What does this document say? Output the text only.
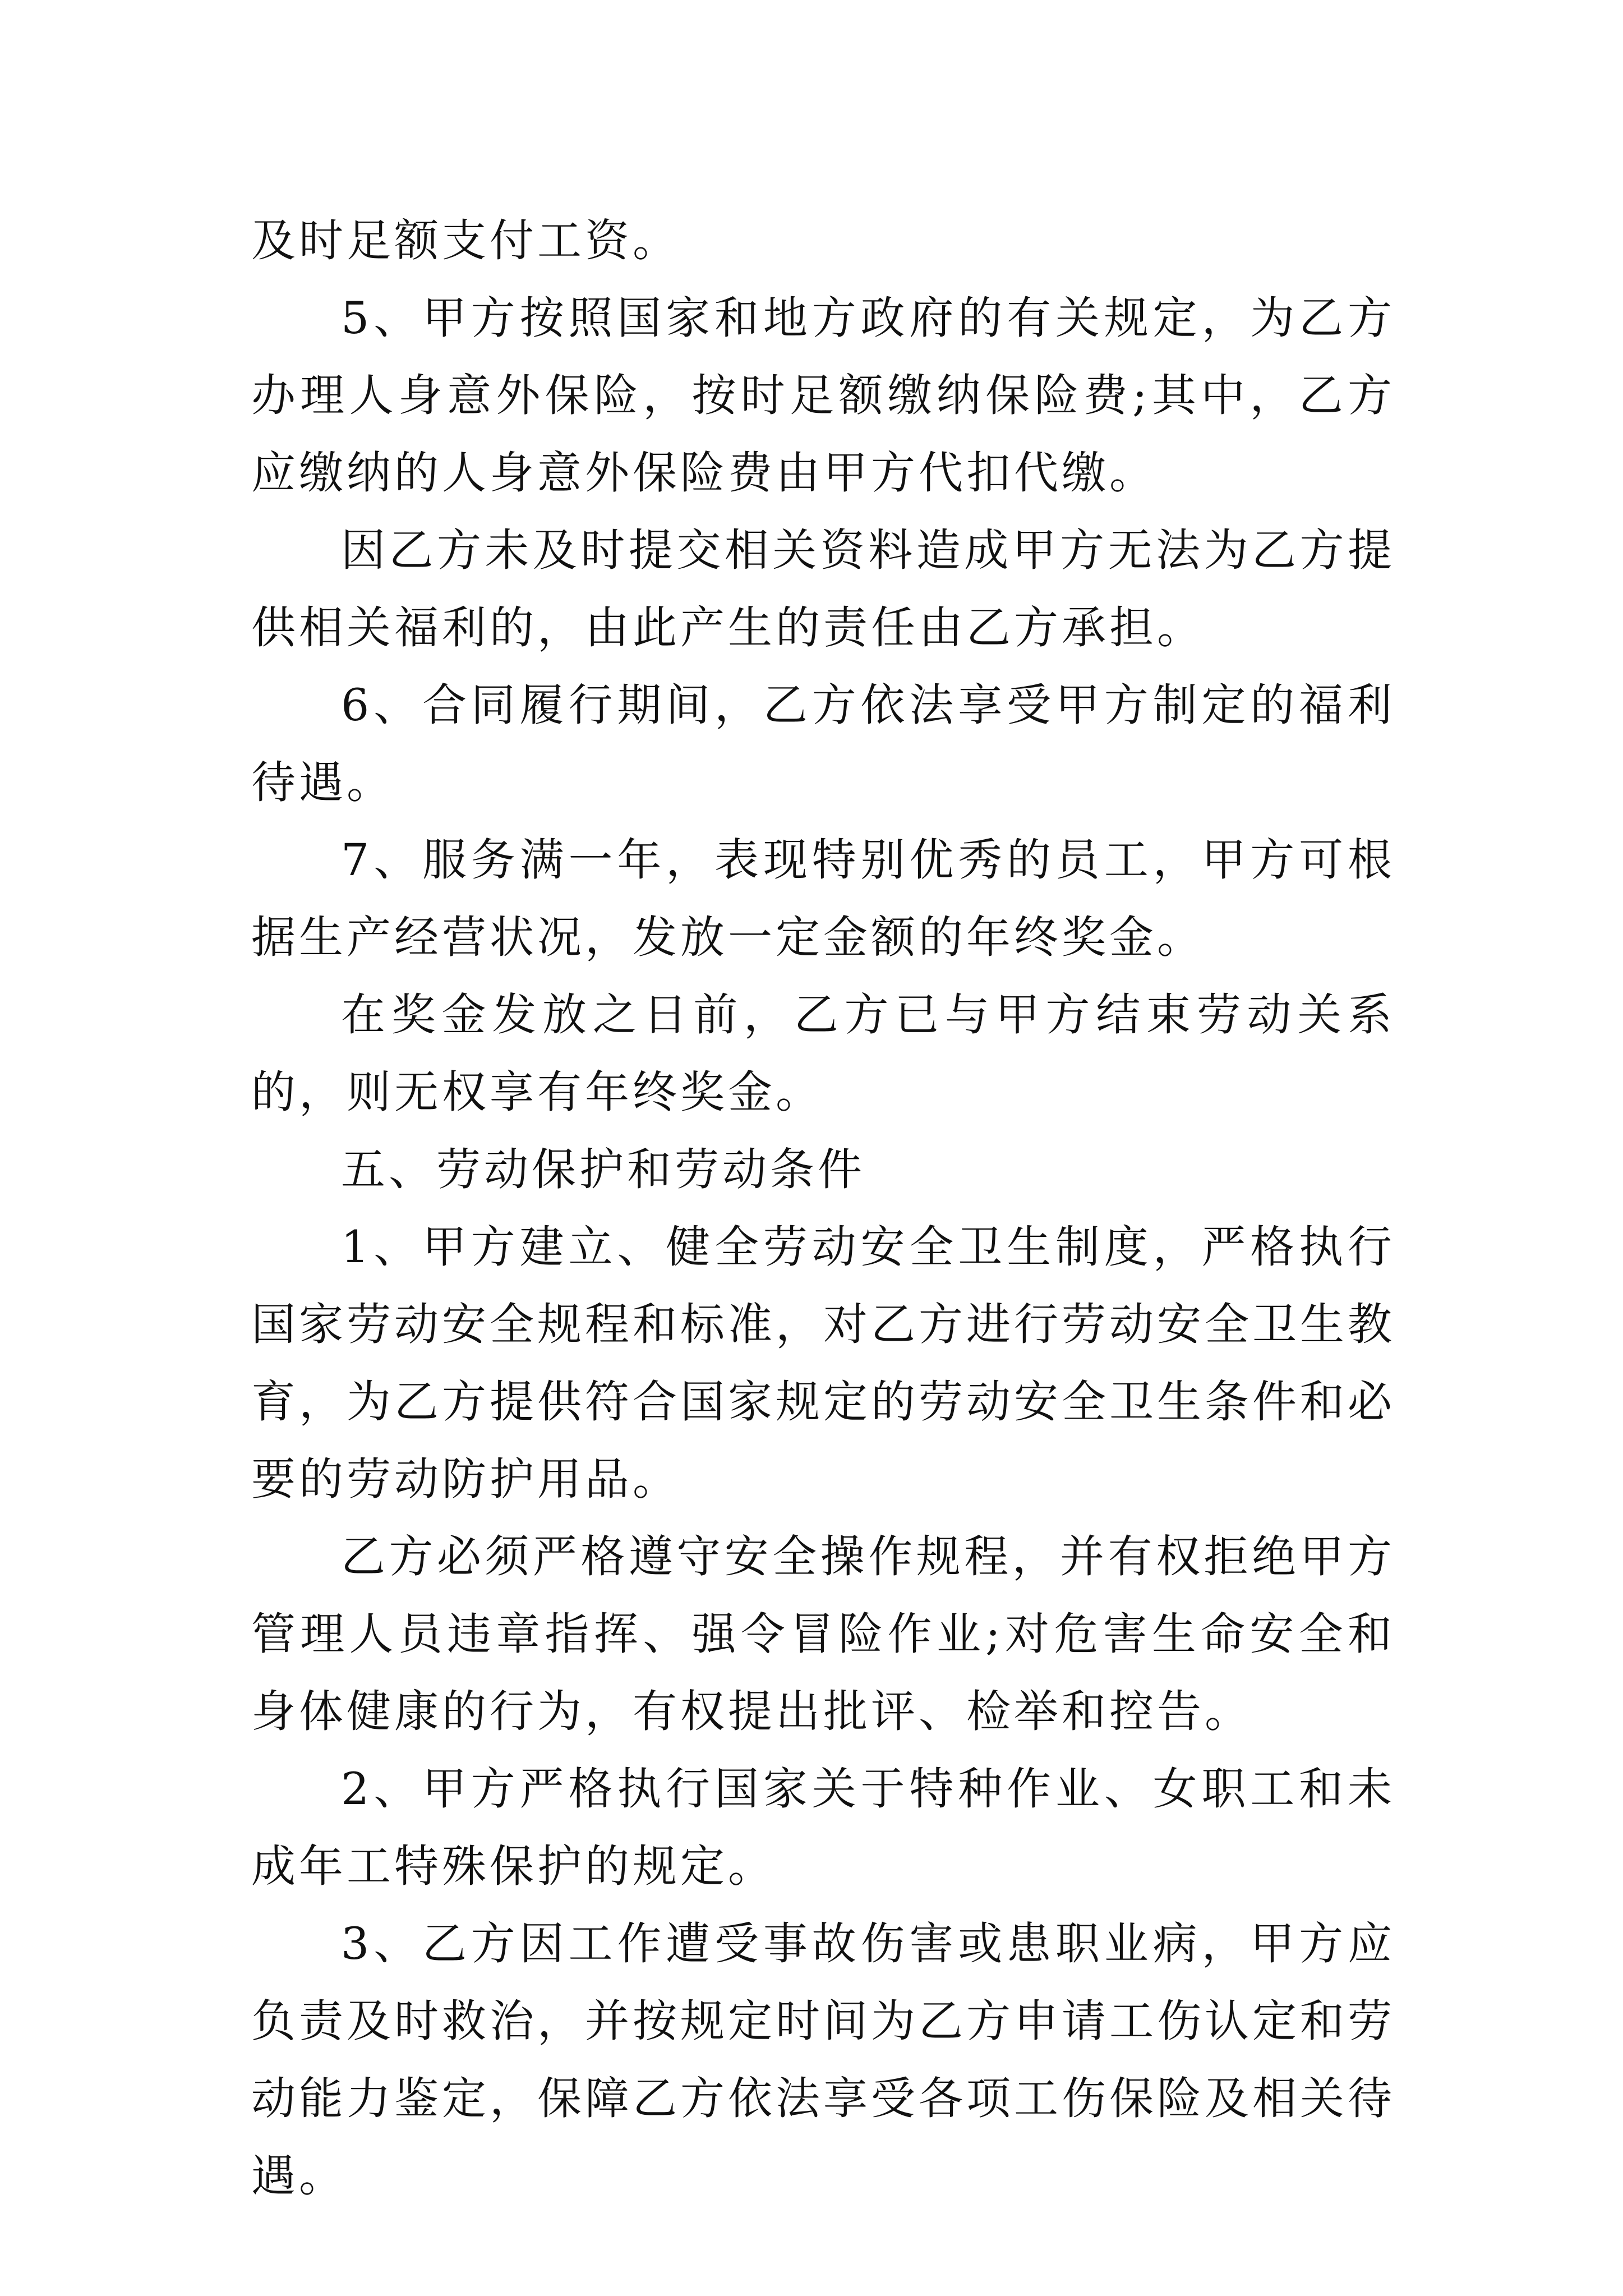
及时足额支付工资。

5、甲方按照国家和地方政府的有关规定，为乙方办理人身意外保险，按时足额缴纳保险费;其中，乙方应缴纳的人身意外保险费由甲方代扣代缴。

因乙方未及时提交相关资料造成甲方无法为乙方提供相关福利的，由此产生的责任由乙方承担。

6、合同履行期间，乙方依法享受甲方制定的福利待遇。

7、服务满一年，表现特别优秀的员工，甲方可根据生产经营状况，发放一定金额的年终奖金。

在奖金发放之日前，乙方已与甲方结束劳动关系的，则无权享有年终奖金。

五、劳动保护和劳动条件

1、甲方建立、健全劳动安全卫生制度，严格执行国家劳动安全规程和标准，对乙方进行劳动安全卫生教育，为乙方提供符合国家规定的劳动安全卫生条件和必要的劳动防护用品。

乙方必须严格遵守安全操作规程，并有权拒绝甲方管理人员违章指挥、强令冒险作业;对危害生命安全和身体健康的行为，有权提出批评、检举和控告。

2、甲方严格执行国家关于特种作业、女职工和未成年工特殊保护的规定。

3、乙方因工作遭受事故伤害或患职业病，甲方应负责及时救治，并按规定时间为乙方申请工伤认定和劳动能力鉴定，保障乙方依法享受各项工伤保险及相关待遇。
